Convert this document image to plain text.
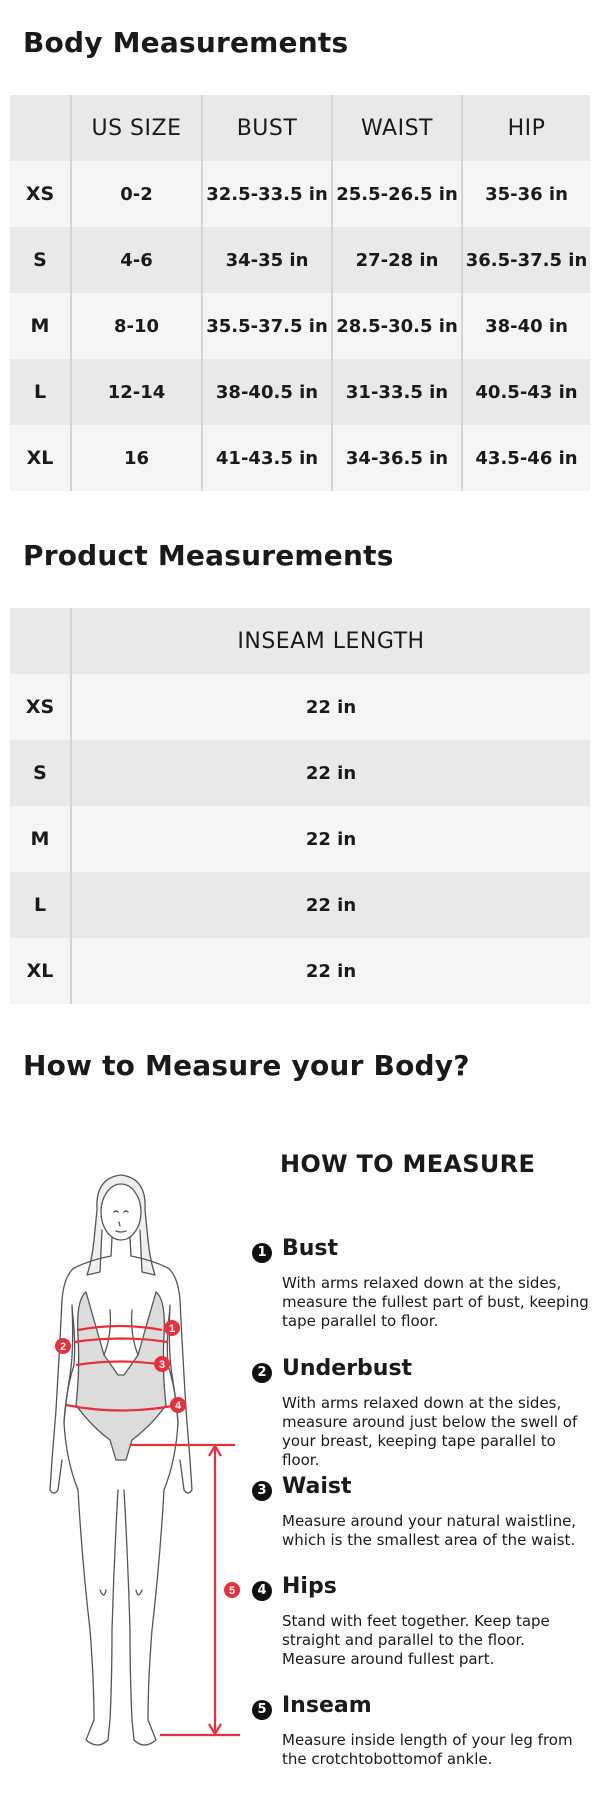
Body Measurements
	US SIZE	BUST	WAIST	HIP
XS	0-2	32.5-33.5 in	25.5-26.5 in	35-36 in
S	4-6	34-35 in	27-28 in	36.5-37.5 in
M	8-10	35.5-37.5 in	28.5-30.5 in	38-40 in
L	12-14	38-40.5 in	31-33.5 in	40.5-43 in
XL	16	41-43.5 in	34-36.5 in	43.5-46 in
Product Measurements
	INSEAM LENGTH
XS	22 in
S	22 in
M	22 in
L	22 in
XL	22 in
How to Measure your Body?
HOW TO MEASURE
1
2
3
4
5
1 Bust
With arms relaxed down at the sides, measure the fullest part of bust, keeping tape parallel to floor.
2 Underbust
With arms relaxed down at the sides, measure around just below the swell of your breast, keeping tape parallel to floor.
3 Waist
Measure around your natural waistline, which is the smallest area of the waist.
4 Hips
Stand with feet together. Keep tape straight and parallel to the floor. Measure around fullest part.
5 Inseam
Measure inside length of your leg from the crotchtobottomof ankle.
